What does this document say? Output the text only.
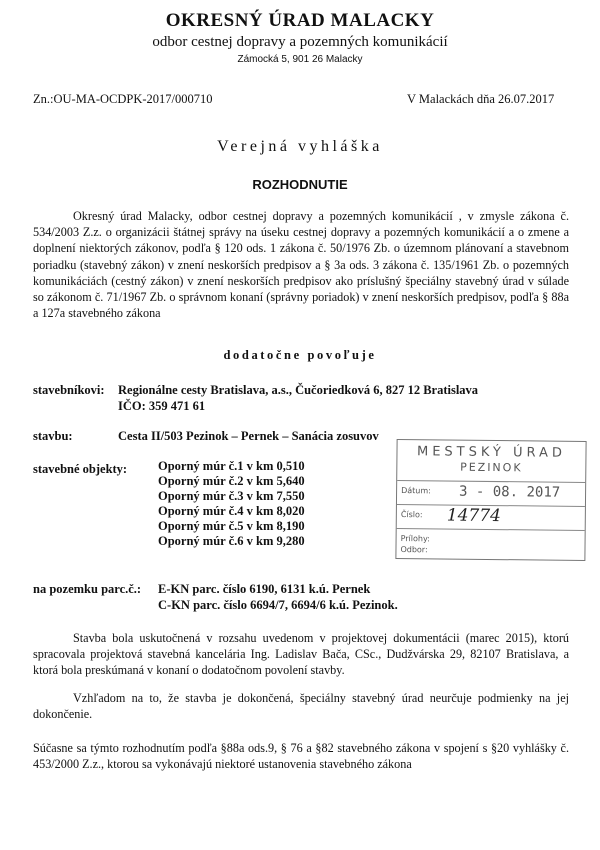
OKRESNÝ ÚRAD MALACKY
odbor cestnej dopravy a pozemných komunikácií
Zámocká 5, 901 26 Malacky
Zn.:OU-MA-OCDPK-2017/000710	V Malackách dňa 26.07.2017
Verejná vyhláška
ROZHODNUTIE
Okresný úrad Malacky, odbor cestnej dopravy a pozemných komunikácií , v zmysle zákona č. 534/2003 Z.z. o organizácii štátnej správy na úseku cestnej dopravy a pozemných komunikácií a o zmene a doplnení niektorých zákonov, podľa § 120 ods. 1 zákona č. 50/1976 Zb. o územnom plánovaní a stavebnom poriadku (stavebný zákon) v znení neskorších predpisov a § 3a ods. 3 zákona č. 135/1961 Zb. o pozemných komunikáciách (cestný zákon) v znení neskorších predpisov ako príslušný špeciálny stavebný úrad v súlade so zákonom č. 71/1967 Zb. o správnom konaní (správny poriadok) v znení neskorších predpisov, podľa § 88a a 127a stavebného zákona
dodatočne povoľuje
stavebníkovi: Regionálne cesty Bratislava, a.s., Čučoriedková 6, 827 12 Bratislava
IČO: 359 471 61
stavbu:	Cesta II/503 Pezinok – Pernek – Sanácia zosuvov
stavebné objekty: Oporný múr č.1 v km 0,510
Oporný múr č.2 v km 5,640
Oporný múr č.3 v km 7,550
Oporný múr č.4 v km 8,020
Oporný múr č.5 v km 8,190
Oporný múr č.6 v km 9,280
MESTSKÝ ÚRAD
PEZINOK
Dátum: 3 - 08. 2017
Číslo: 14774
Prílohy:
Odbor:
na pozemku parc.č.: E-KN parc. číslo 6190, 6131 k.ú. Pernek
C-KN parc. číslo 6694/7, 6694/6 k.ú. Pezinok.
Stavba bola uskutočnená v rozsahu uvedenom v projektovej dokumentácii (marec 2015), ktorú spracovala projektová stavebná kancelária Ing. Ladislav Bača, CSc., Dudžvárska 29, 82107 Bratislava, a ktorá bola preskúmaná v konaní o dodatočnom povolení stavby.
Vzhľadom na to, že stavba je dokončená, špeciálny stavebný úrad neurčuje podmienky na jej dokončenie.
Súčasne sa týmto rozhodnutím podľa §88a ods.9, § 76 a §82 stavebného zákona v spojení s §20 vyhlášky č. 453/2000 Z.z., ktorou sa vykonávajú niektoré ustanovenia stavebného zákona
